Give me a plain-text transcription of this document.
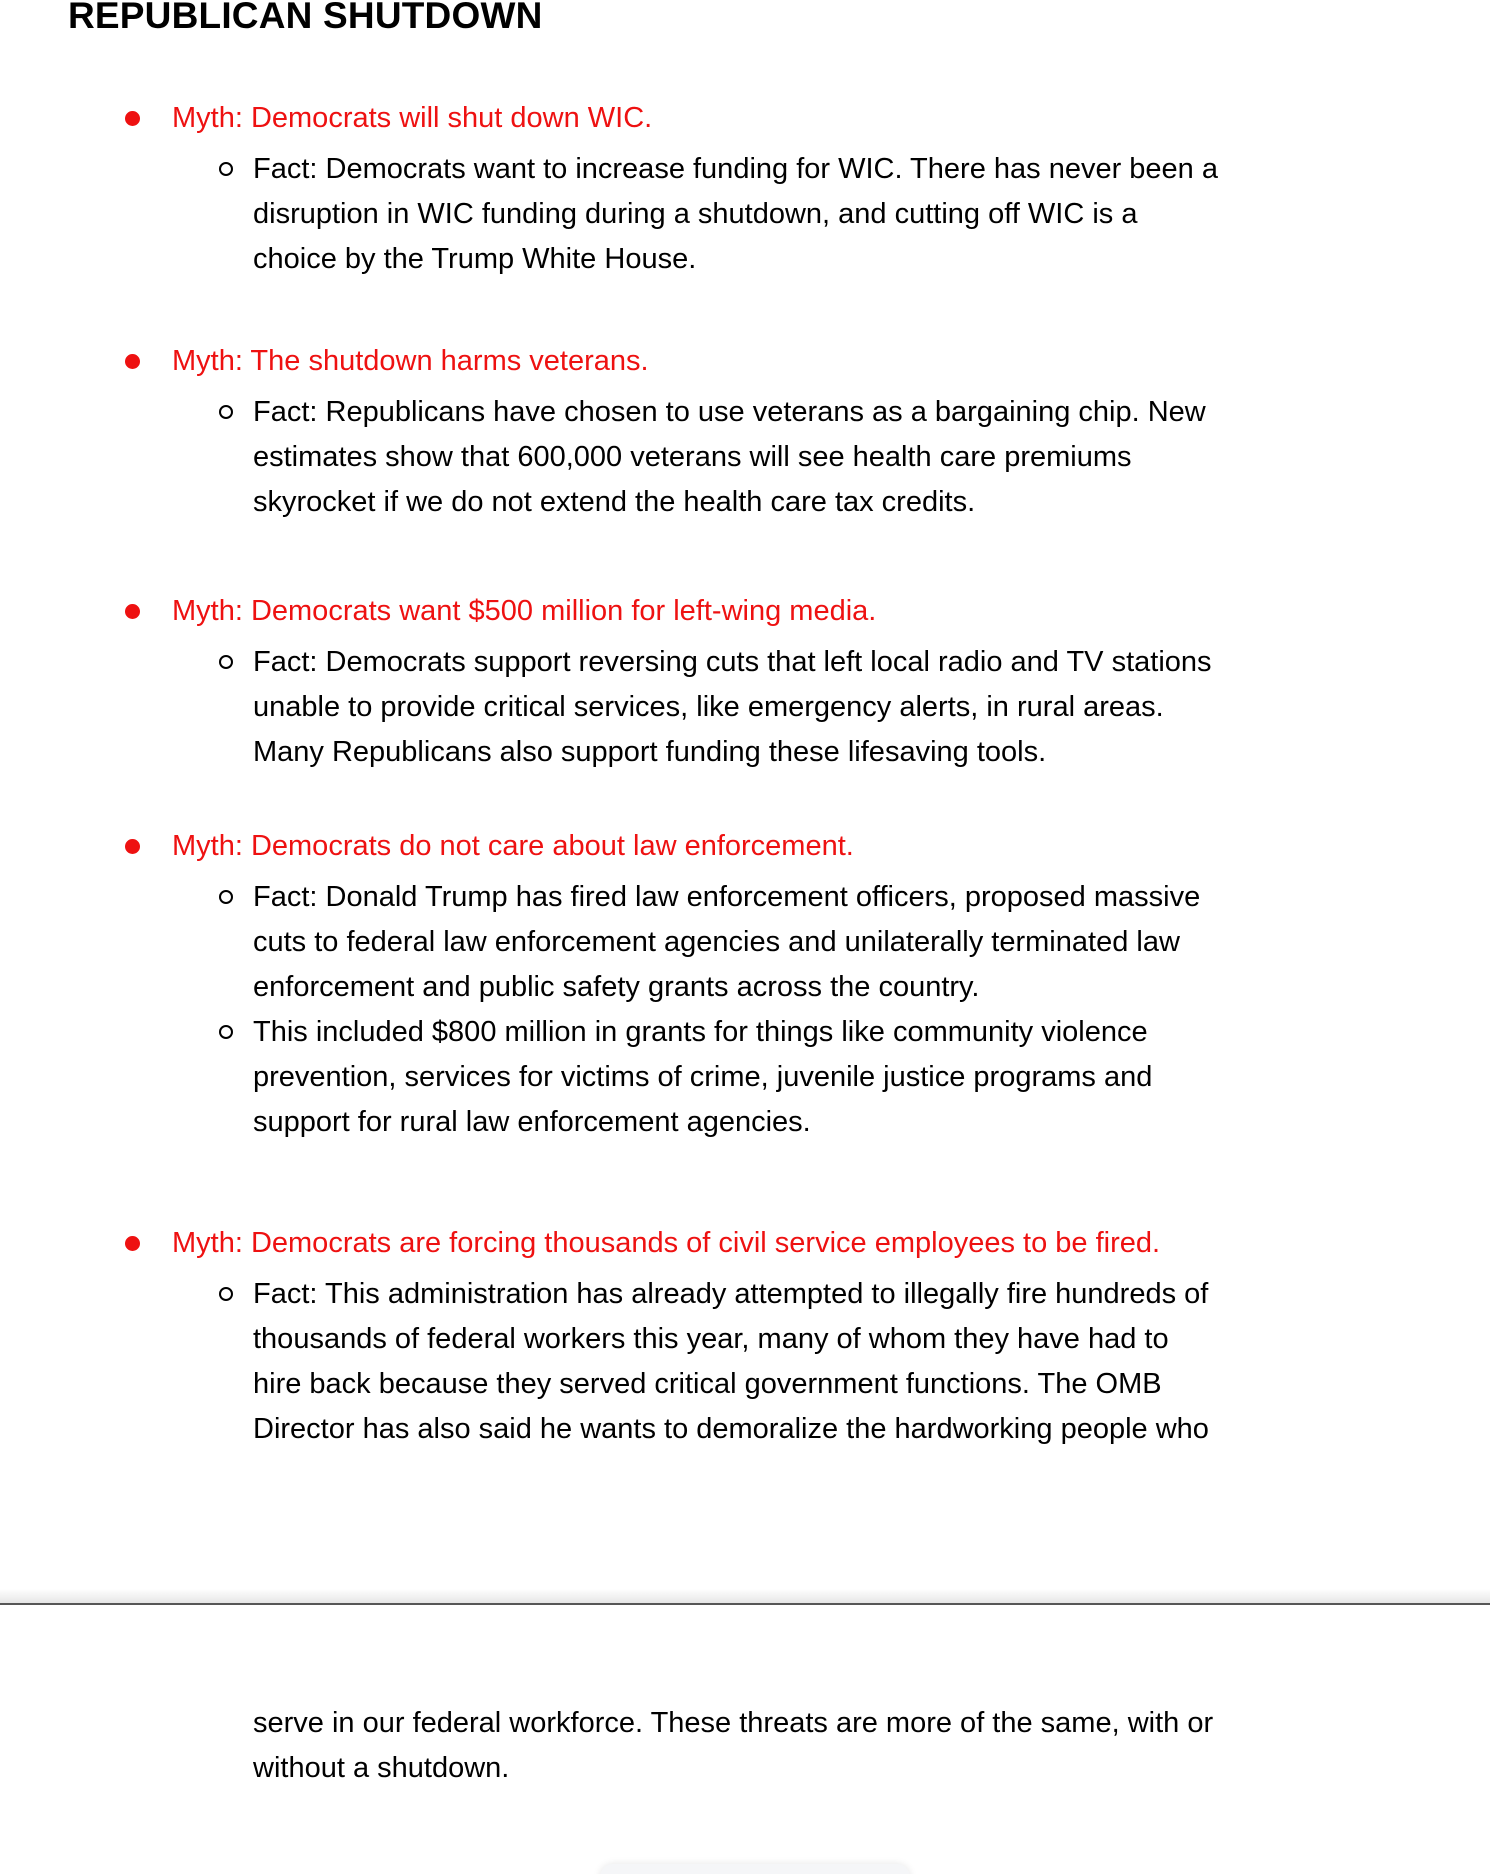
REPUBLICAN SHUTDOWN
Myth: Democrats will shut down WIC.
Fact: Democrats want to increase funding for WIC. There has never been a
disruption in WIC funding during a shutdown, and cutting off WIC is a
choice by the Trump White House.
Myth: The shutdown harms veterans.
Fact: Republicans have chosen to use veterans as a bargaining chip. New
estimates show that 600,000 veterans will see health care premiums
skyrocket if we do not extend the health care tax credits.
Myth: Democrats want $500 million for left-wing media.
Fact: Democrats support reversing cuts that left local radio and TV stations
unable to provide critical services, like emergency alerts, in rural areas.
Many Republicans also support funding these lifesaving tools.
Myth: Democrats do not care about law enforcement.
Fact: Donald Trump has fired law enforcement officers, proposed massive
cuts to federal law enforcement agencies and unilaterally terminated law
enforcement and public safety grants across the country.
This included $800 million in grants for things like community violence
prevention, services for victims of crime, juvenile justice programs and
support for rural law enforcement agencies.
Myth: Democrats are forcing thousands of civil service employees to be fired.
Fact: This administration has already attempted to illegally fire hundreds of
thousands of federal workers this year, many of whom they have had to
hire back because they served critical government functions. The OMB
Director has also said he wants to demoralize the hardworking people who
serve in our federal workforce. These threats are more of the same, with or
without a shutdown.
